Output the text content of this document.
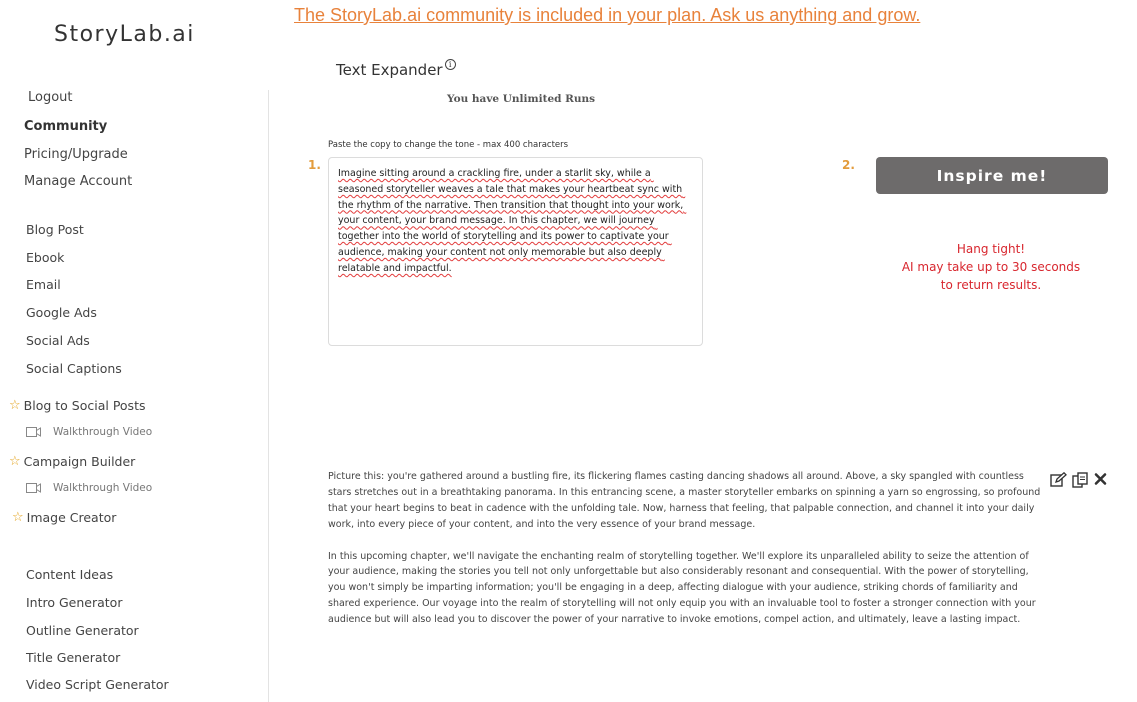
StoryLab.ai
The StoryLab.ai community is included in your plan. Ask us anything and grow.
Logout
Community
Pricing/Upgrade
Manage Account
Blog Post
Ebook
Email
Google Ads
Social Ads
Social Captions
☆ Blog to Social Posts
Walkthrough Video
☆ Campaign Builder
Walkthrough Video
☆ Image Creator
Content Ideas
Intro Generator
Outline Generator
Title Generator
Video Script Generator
Text Expander i
You have Unlimited Runs
Paste the copy to change the tone - max 400 characters
1.
Imagine sitting around a crackling fire, under a starlit sky, while a seasoned storyteller weaves a tale that makes your heartbeat sync with the rhythm of the narrative. Then transition that thought into your work, your content, your brand message. In this chapter, we will journey together into the world of storytelling and its power to captivate your audience, making your content not only memorable but also deeply relatable and impactful.	2.
Inspire me!
Hang tight!
AI may take up to 30 seconds
to return results.

Picture this: you're gathered around a bustling fire, its flickering flames casting dancing shadows all around. Above, a sky spangled with countless stars stretches out in a breathtaking panorama. In this entrancing scene, a master storyteller embarks on spinning a yarn so engrossing, so profound that your heart begins to beat in cadence with the unfolding tale. Now, harness that feeling, that palpable connection, and channel it into your daily work, into every piece of your content, and into the very essence of your brand message.

In this upcoming chapter, we'll navigate the enchanting realm of storytelling together. We'll explore its unparalleled ability to seize the attention of your audience, making the stories you tell not only unforgettable but also considerably resonant and consequential. With the power of storytelling, you won't simply be imparting information; you'll be engaging in a deep, affecting dialogue with your audience, striking chords of familiarity and shared experience. Our voyage into the realm of storytelling will not only equip you with an invaluable tool to foster a stronger connection with your audience but will also lead you to discover the power of your narrative to invoke emotions, compel action, and ultimately, leave a lasting impact.
